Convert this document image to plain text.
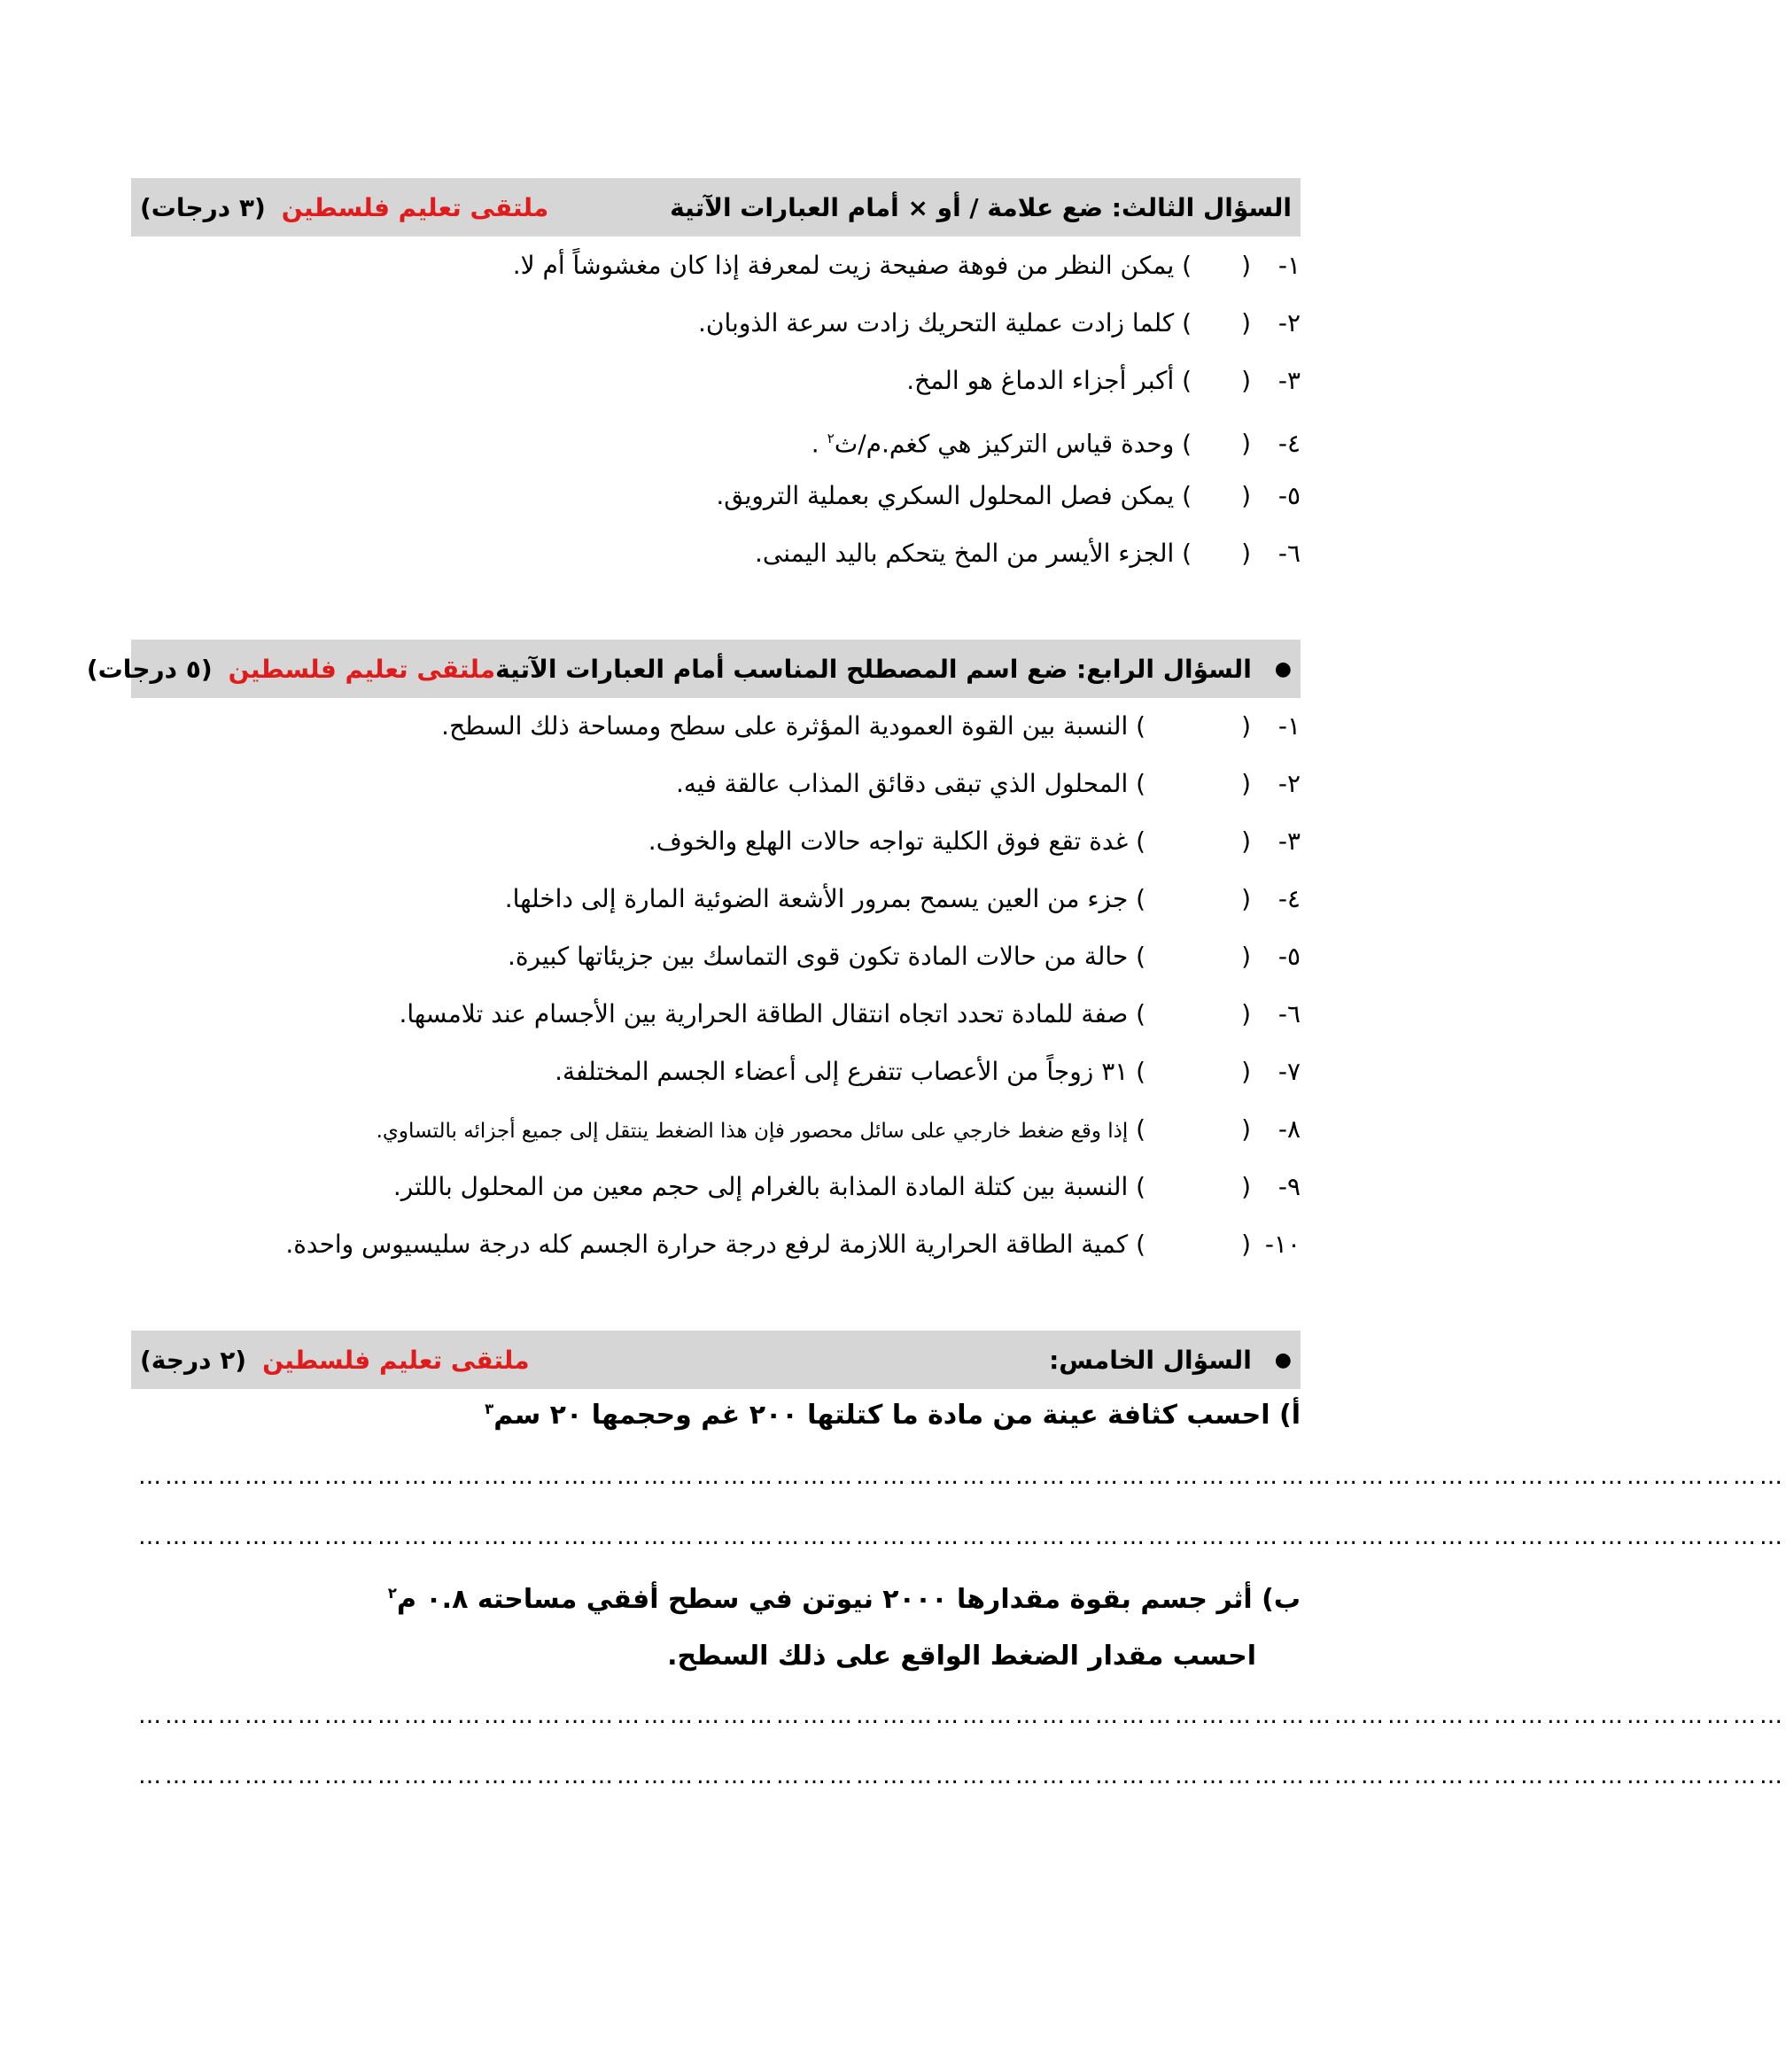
السؤال الثالث: ضع علامة / أو × أمام العبارات الآتية
ملتقى تعليم فلسطين
(٣ درجات)
١-( ) يمكن النظر من فوهة صفيحة زيت لمعرفة إذا كان مغشوشاً أم لا.
٢-( ) كلما زادت عملية التحريك زادت سرعة الذوبان.
٣-( ) أكبر أجزاء الدماغ هو المخ.
٤-( ) وحدة قياس التركيز هي كغم.م/ث$^٢$ .
٥-( ) يمكن فصل المحلول السكري بعملية الترويق.
٦-( ) الجزء الأيسر من المخ يتحكم باليد اليمنى.
●
السؤال الرابع: ضع اسم المصطلح المناسب أمام العبارات الآتية
ملتقى تعليم فلسطين
(٥ درجات)
١-( ) النسبة بين القوة العمودية المؤثرة على سطح ومساحة ذلك السطح.
٢-( ) المحلول الذي تبقى دقائق المذاب عالقة فيه.
٣-( ) غدة تقع فوق الكلية تواجه حالات الهلع والخوف.
٤-( ) جزء من العين يسمح بمرور الأشعة الضوئية المارة إلى داخلها.
٥-( ) حالة من حالات المادة تكون قوى التماسك بين جزيئاتها كبيرة.
٦-( ) صفة للمادة تحدد اتجاه انتقال الطاقة الحرارية بين الأجسام عند تلامسها.
٧-( ) ٣١ زوجاً من الأعصاب تتفرع إلى أعضاء الجسم المختلفة.
٨-( ) إذا وقع ضغط خارجي على سائل محصور فإن هذا الضغط ينتقل إلى جميع أجزائه بالتساوي.
٩-( ) النسبة بين كتلة المادة المذابة بالغرام إلى حجم معين من المحلول باللتر.
١٠-( ) كمية الطاقة الحرارية اللازمة لرفع درجة حرارة الجسم كله درجة سليسيوس واحدة.
●
السؤال الخامس:
ملتقى تعليم فلسطين
(٢ درجة)
أ) احسب كثافة عينة من مادة ما كتلتها ٢٠٠ غم وحجمها ٢٠ سم$^٣$
……………………………………………………………………………………………………………………………………………………………………
……………………………………………………………………………………………………………………………………………………………………
ب) أثر جسم بقوة مقدارها ٢٠٠٠ نيوتن في سطح أفقي مساحته ٠.٨ م$^٢$
احسب مقدار الضغط الواقع على ذلك السطح.
……………………………………………………………………………………………………………………………………………………………………
……………………………………………………………………………………………………………………………………………………………………
